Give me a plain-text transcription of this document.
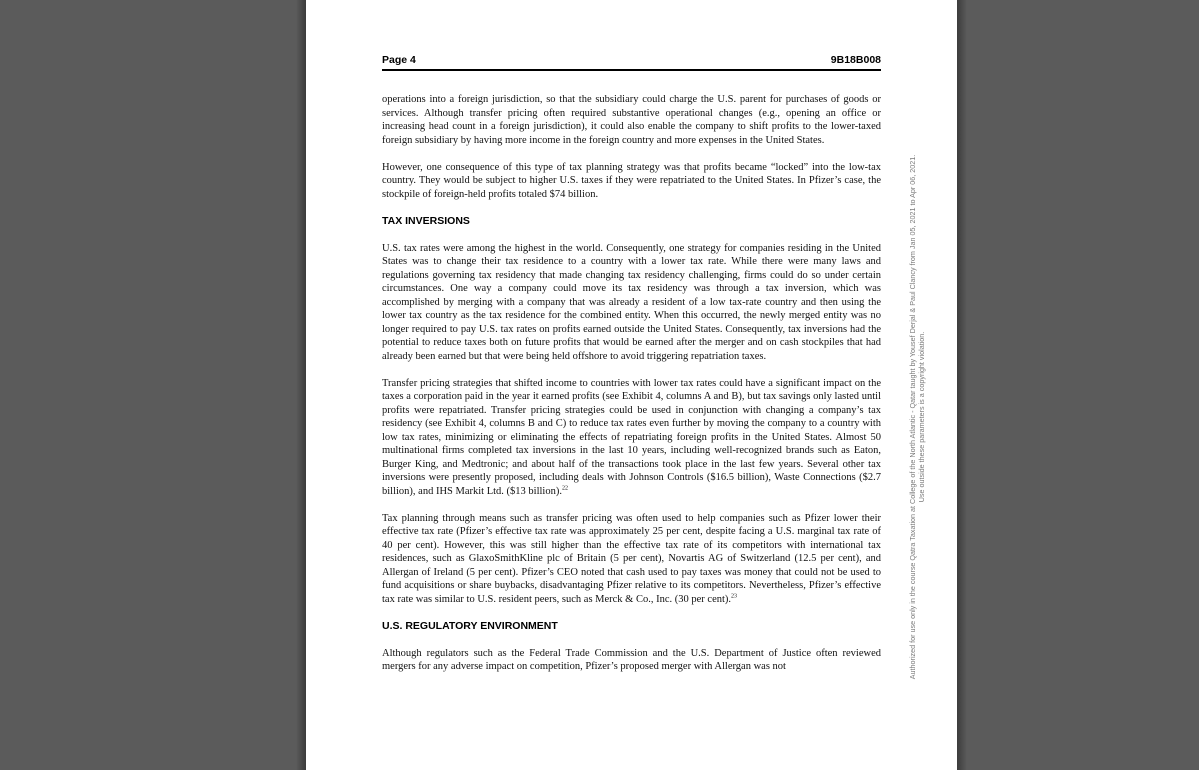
Page 4	9B18B008

operations into a foreign jurisdiction, so that the subsidiary could charge the U.S. parent for purchases of goods or services. Although transfer pricing often required substantive operational changes (e.g., opening an office or increasing head count in a foreign jurisdiction), it could also enable the company to shift profits to the lower-taxed foreign subsidiary by having more income in the foreign country and more expenses in the United States.

However, one consequence of this type of tax planning strategy was that profits became “locked” into the low-tax country. They would be subject to higher U.S. taxes if they were repatriated to the United States. In Pfizer’s case, the stockpile of foreign-held profits totaled $74 billion.

TAX INVERSIONS

U.S. tax rates were among the highest in the world. Consequently, one strategy for companies residing in the United States was to change their tax residence to a country with a lower tax rate. While there were many laws and regulations governing tax residency that made changing tax residency challenging, firms could do so under certain circumstances. One way a company could move its tax residency was through a tax inversion, which was accomplished by merging with a company that was already a resident of a low tax-rate country and then using the lower tax country as the tax residence for the combined entity. When this occurred, the newly merged entity was no longer required to pay U.S. tax rates on profits earned outside the United States. Consequently, tax inversions had the potential to reduce taxes both on future profits that would be earned after the merger and on cash stockpiles that had already been earned but that were being held offshore to avoid triggering repatriation taxes.

Transfer pricing strategies that shifted income to countries with lower tax rates could have a significant impact on the taxes a corporation paid in the year it earned profits (see Exhibit 4, columns A and B), but tax savings only lasted until profits were repatriated. Transfer pricing strategies could be used in conjunction with changing a company’s tax residency (see Exhibit 4, columns B and C) to reduce tax rates even further by moving the company to a country with low tax rates, minimizing or eliminating the effects of repatriating foreign profits in the United States. Almost 50 multinational firms completed tax inversions in the last 10 years, including well-recognized brands such as Eaton, Burger King, and Medtronic; and about half of the transactions took place in the last few years. Several other tax inversions were presently proposed, including deals with Johnson Controls ($16.5 billion), Waste Connections ($2.7 billion), and IHS Markit Ltd. ($13 billion).$^{22}$

Tax planning through means such as transfer pricing was often used to help companies such as Pfizer lower their effective tax rate (Pfizer’s effective tax rate was approximately 25 per cent, despite facing a U.S. marginal tax rate of 40 per cent). However, this was still higher than the effective tax rate of its competitors with international tax residences, such as GlaxoSmithKline plc of Britain (5 per cent), Novartis AG of Switzerland (12.5 per cent), and Allergan of Ireland (5 per cent). Pfizer’s CEO noted that cash used to pay taxes was money that could not be used to fund acquisitions or share buybacks, disadvantaging Pfizer relative to its competitors. Nevertheless, Pfizer’s effective tax rate was similar to U.S. resident peers, such as Merck & Co., Inc. (30 per cent).$^{23}$

U.S. REGULATORY ENVIRONMENT

Although regulators such as the Federal Trade Commission and the U.S. Department of Justice often reviewed mergers for any adverse impact on competition, Pfizer’s proposed merger with Allergan was not	Authorized for use only in the course Qatra Taxation at College of the North Atlantic - Qatar taught by Yousef Derjal & Paul Clancy from Jan 05, 2021 to Apr 06, 2021. Use outside these parameters is a copyright violation.
